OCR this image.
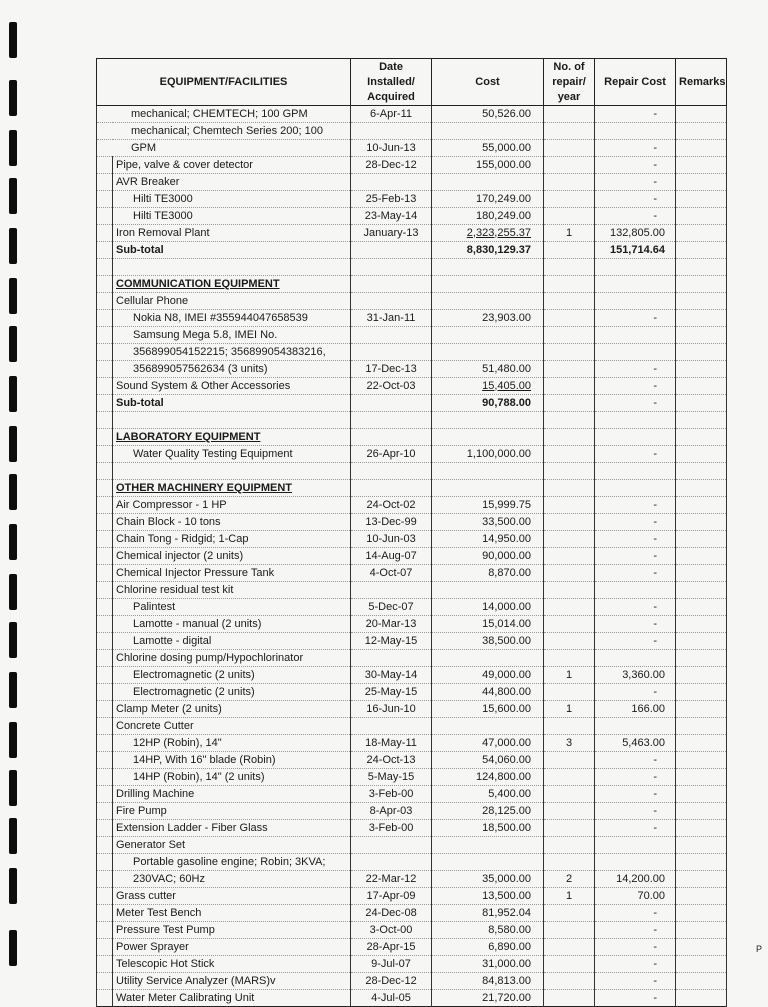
EQUIPMENT/FACILITIES		Date Installed/ Acquired	Cost	No. of repair/ year	Repair Cost	Remarks
mechanical; CHEMTECH; 100 GPM		6-Apr-11	50,526.00		-	
mechanical; Chemtech Series 200; 100						
GPM		10-Jun-13	55,000.00		-	
	Pipe, valve & cover detector	28-Dec-12	155,000.00		-	
	AVR Breaker				-	
	Hilti TE3000	25-Feb-13	170,249.00		-	
	Hilti TE3000	23-May-14	180,249.00		-	
	Iron Removal Plant	January-13	2,323,255.37	1	132,805.00	
	Sub-total		8,830,129.37		151,714.64	

	COMMUNICATION EQUIPMENT					
	Cellular Phone					
	Nokia N8, IMEI #355944047658539	31-Jan-11	23,903.00		-	
	Samsung Mega 5.8, IMEI No.					
	356899054152215; 356899054383216,					
	356899057562634 (3 units)	17-Dec-13	51,480.00		-	
	Sound System & Other Accessories	22-Oct-03	15,405.00		-	
	Sub-total		90,788.00		-	

	LABORATORY EQUIPMENT					
	Water Quality Testing Equipment	26-Apr-10	1,100,000.00		-	

	OTHER MACHINERY EQUIPMENT					
	Air Compressor - 1 HP	24-Oct-02	15,999.75		-	
	Chain Block - 10 tons	13-Dec-99	33,500.00		-	
	Chain Tong - Ridgid; 1-Cap	10-Jun-03	14,950.00		-	
	Chemical injector (2 units)	14-Aug-07	90,000.00		-	
	Chemical Injector Pressure Tank	4-Oct-07	8,870.00		-	
	Chlorine residual test kit					
	Palintest	5-Dec-07	14,000.00		-	
	Lamotte - manual (2 units)	20-Mar-13	15,014.00		-	
	Lamotte - digital	12-May-15	38,500.00		-	
	Chlorine dosing pump/Hypochlorinator					
	Electromagnetic (2 units)	30-May-14	49,000.00	1	3,360.00	
	Electromagnetic (2 units)	25-May-15	44,800.00		-	
	Clamp Meter (2 units)	16-Jun-10	15,600.00	1	166.00	
	Concrete Cutter					
	12HP (Robin), 14"	18-May-11	47,000.00	3	5,463.00	
	14HP, With 16" blade (Robin)	24-Oct-13	54,060.00		-	
	14HP (Robin), 14" (2 units)	5-May-15	124,800.00		-	
	Drilling Machine	3-Feb-00	5,400.00		-	
	Fire Pump	8-Apr-03	28,125.00		-	
	Extension Ladder - Fiber Glass	3-Feb-00	18,500.00		-	
	Generator Set					
	Portable gasoline engine; Robin; 3KVA;					
	230VAC; 60Hz	22-Mar-12	35,000.00	2	14,200.00	
	Grass cutter	17-Apr-09	13,500.00	1	70.00	
	Meter Test Bench	24-Dec-08	81,952.04		-	
	Pressure Test Pump	3-Oct-00	8,580.00		-	
	Power Sprayer	28-Apr-15	6,890.00		-	
	Telescopic Hot Stick	9-Jul-07	31,000.00		-	
	Utility Service Analyzer (MARS)v	28-Dec-12	84,813.00		-	
	Water Meter Calibrating Unit	4-Jul-05	21,720.00		-	
P
